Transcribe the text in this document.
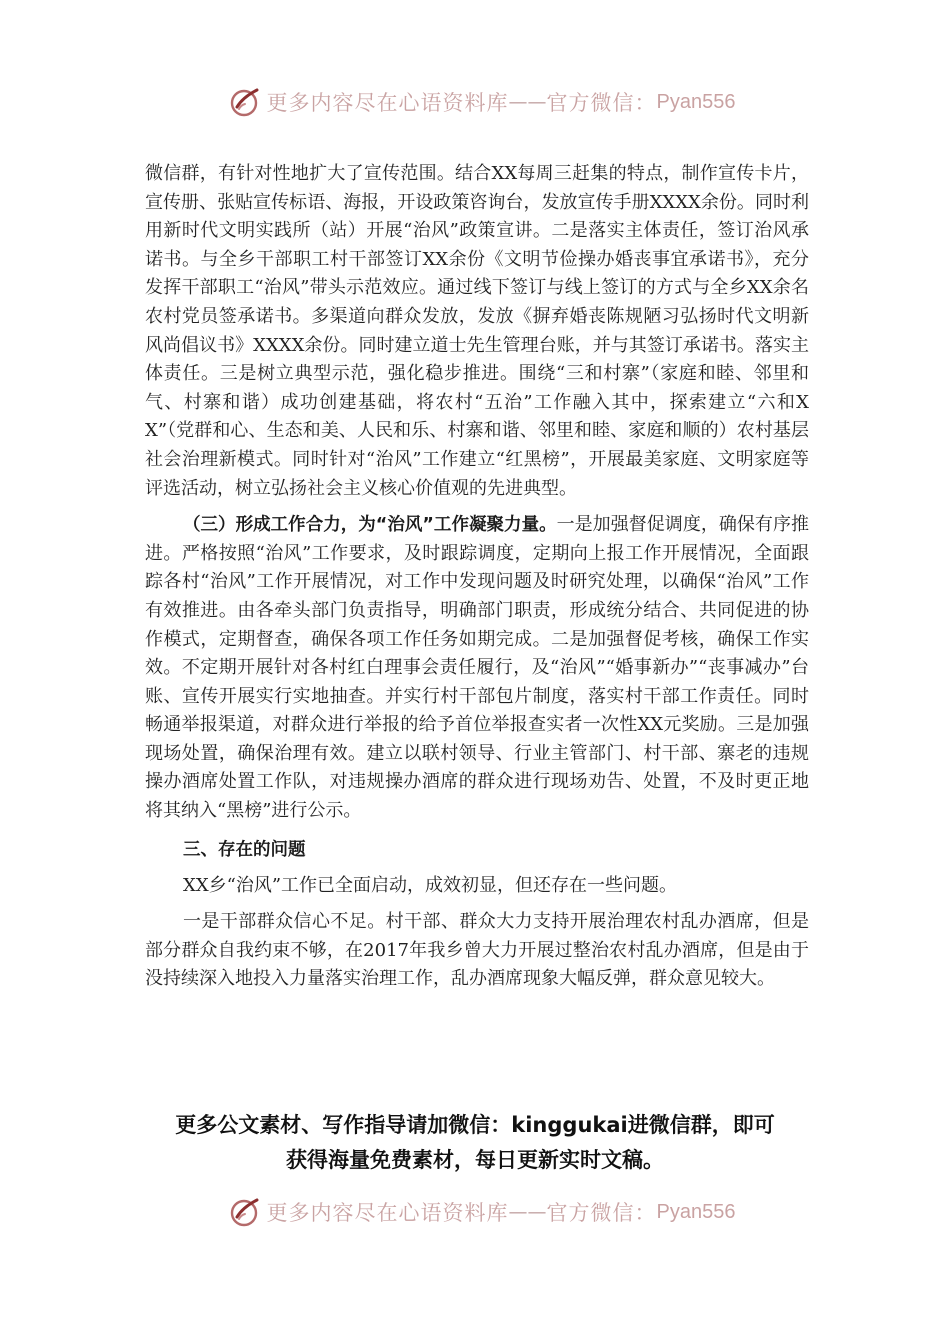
更多内容尽在心语资料库 — — 官方微信： Pyan556

微信群，有针对性地扩大了宣传范围。结合XX每周三赶集的特点，制作宣传卡片，宣传册、张贴宣传标语、海报，开设政策咨询台，发放宣传手册XXXX余份。同时利用新时代文明实践所（站）开展“治风”政策宣讲。二是落实主体责任，签订治风承诺书。与全乡干部职工村干部签订XX余份《文明节俭操办婚丧事宜承诺书》，充分发挥干部职工“治风”带头示范效应。通过线下签订与线上签订的方式与全乡XX余名农村党员签承诺书。多渠道向群众发放，发放《摒弃婚丧陈规陋习弘扬时代文明新风尚倡议书》XXXX余份。同时建立道士先生管理台账，并与其签订承诺书。落实主体责任。三是树立典型示范，强化稳步推进。围绕“三和村寨”（家庭和睦、邻里和气、村寨和谐）成功创建基础，将农村“五治”工作融入其中，探索建立“六和XX”（党群和心、生态和美、人民和乐、村寨和谐、邻里和睦、家庭和顺的）农村基层社会治理新模式。同时针对“治风”工作建立“红黑榜”，开展最美家庭、文明家庭等评选活动，树立弘扬社会主义核心价值观的先进典型。

（三）形成工作合力，为“治风”工作凝聚力量。一是加强督促调度，确保有序推进。严格按照“治风”工作要求，及时跟踪调度，定期向上报工作开展情况，全面跟踪各村“治风”工作开展情况，对工作中发现问题及时研究处理，以确保“治风”工作有效推进。由各牵头部门负责指导，明确部门职责，形成统分结合、共同促进的协作模式，定期督查，确保各项工作任务如期完成。二是加强督促考核，确保工作实效。不定期开展针对各村红白理事会责任履行，及“治风”“婚事新办”“丧事减办”台账、宣传开展实行实地抽查。并实行村干部包片制度，落实村干部工作责任。同时畅通举报渠道，对群众进行举报的给予首位举报查实者一次性XX元奖励。三是加强现场处置，确保治理有效。建立以联村领导、行业主管部门、村干部、寨老的违规操办酒席处置工作队，对违规操办酒席的群众进行现场劝告、处置，不及时更正地将其纳入“黑榜”进行公示。

三、存在的问题

XX乡“治风”工作已全面启动，成效初显，但还存在一些问题。

一是干部群众信心不足。村干部、群众大力支持开展治理农村乱办酒席，但是部分群众自我约束不够，在2017年我乡曾大力开展过整治农村乱办酒席，但是由于没持续深入地投入力量落实治理工作，乱办酒席现象大幅反弹，群众意见较大。

更多公文素材、写作指导请加微信：kinggukai进微信群，即可
获得海量免费素材，每日更新实时文稿。
更多内容尽在心语资料库 — — 官方微信： Pyan556
